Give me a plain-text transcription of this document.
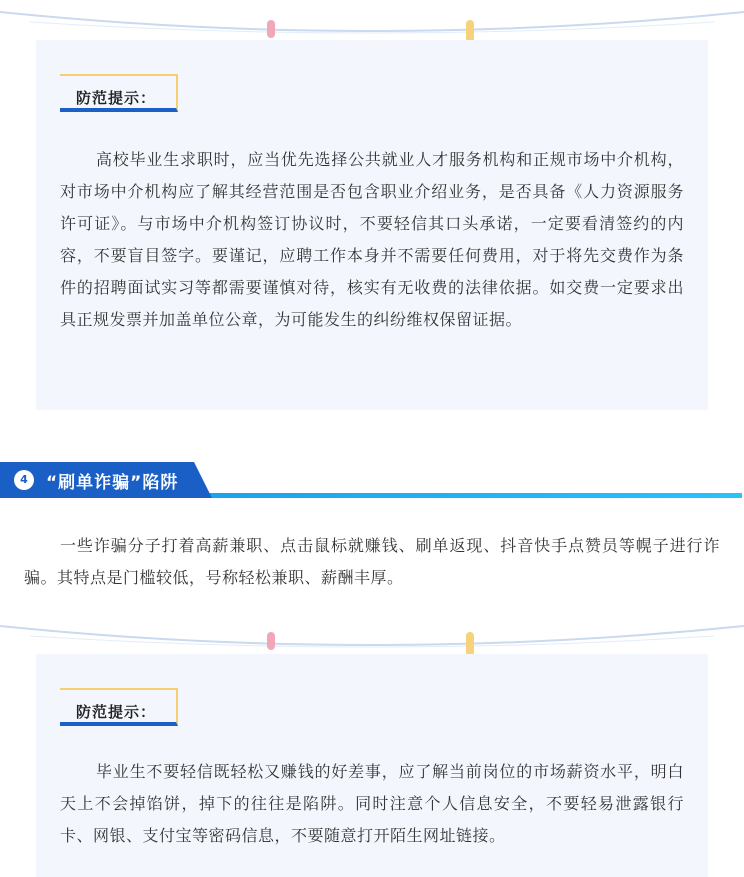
防范提示：

高校毕业生求职时，应当优先选择公共就业人才服务机构和正规市场中介机构，对市场中介机构应了解其经营范围是否包含职业介绍业务，是否具备《人力资源服务许可证》。与市场中介机构签订协议时，不要轻信其口头承诺，一定要看清签约的内容，不要盲目签字。要谨记，应聘工作本身并不需要任何费用，对于将先交费作为条件的招聘面试实习等都需要谨慎对待，核实有无收费的法律依据。如交费一定要求出具正规发票并加盖单位公章，为可能发生的纠纷维权保留证据。

4	“刷单诈骗”陷阱

一些诈骗分子打着高薪兼职、点击鼠标就赚钱、刷单返现、抖音快手点赞员等幌子进行诈骗。其特点是门槛较低，号称轻松兼职、薪酬丰厚。

防范提示：

毕业生不要轻信既轻松又赚钱的好差事，应了解当前岗位的市场薪资水平，明白天上不会掉馅饼，掉下的往往是陷阱。同时注意个人信息安全，不要轻易泄露银行卡、网银、支付宝等密码信息，不要随意打开陌生网址链接。
